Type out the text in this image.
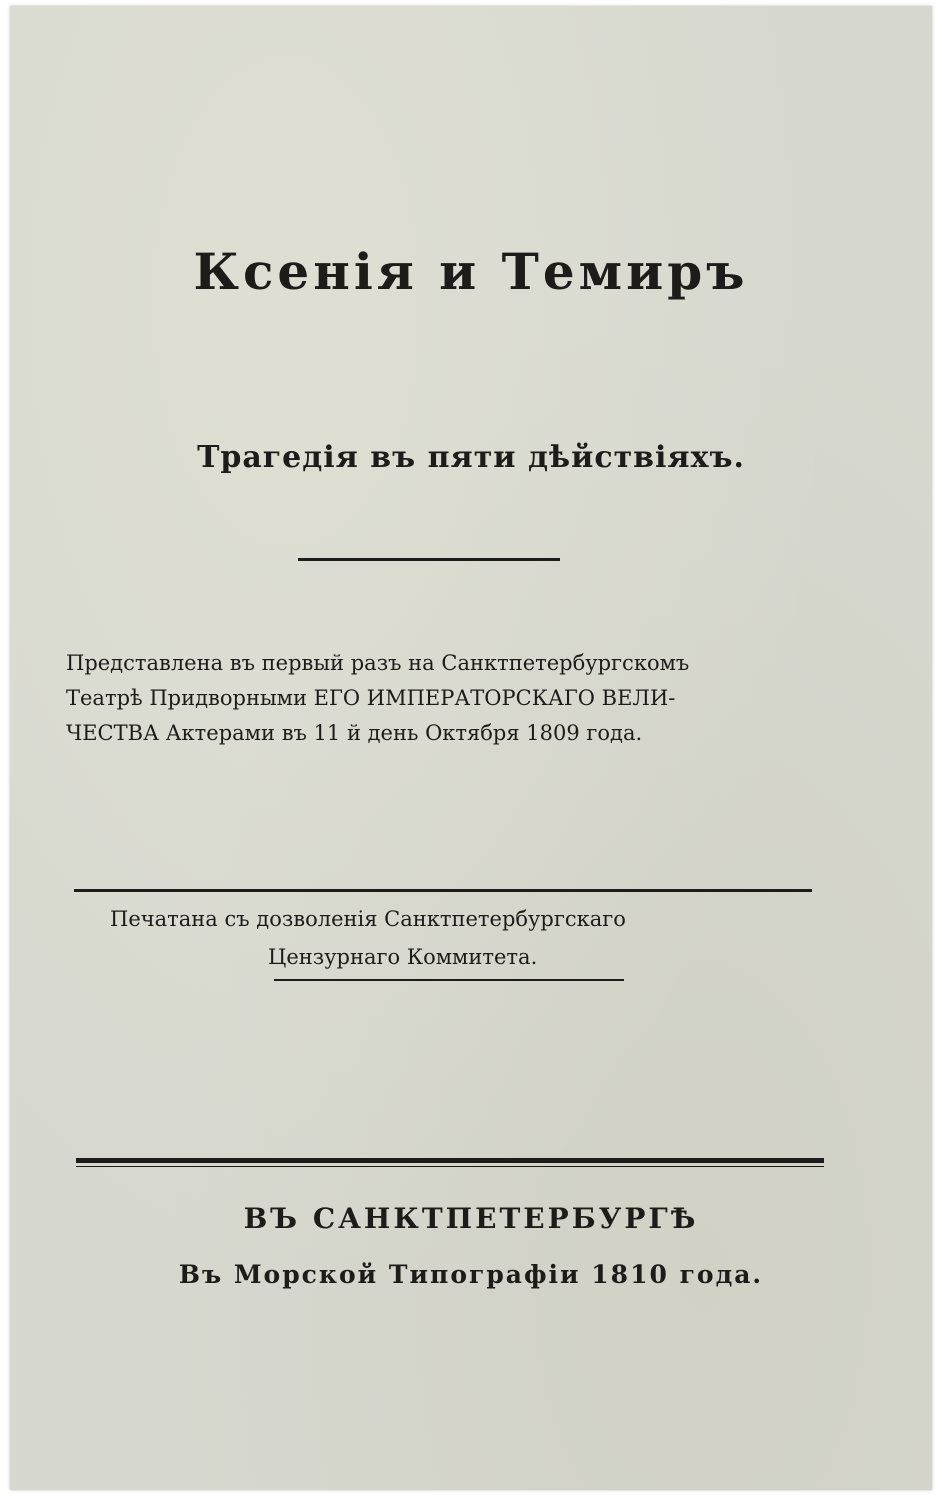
Ксенія и Темиръ
Трагедія въ пяти дѣйствіяхъ.
Представлена въ первый разъ на Санктпетербургскомъ
Театрѣ Придворными ЕГО ИМПЕРАТОРСКАГО ВЕЛИ-
ЧЕСТВА Актерами въ 11 й день Октября 1809 года.
Печатана съ дозволенія Санктпетербургскаго
Цензурнаго Коммитета.
ВЪ САНКТПЕТЕРБУРГѢ
Въ Морской Типографіи 1810 года.
